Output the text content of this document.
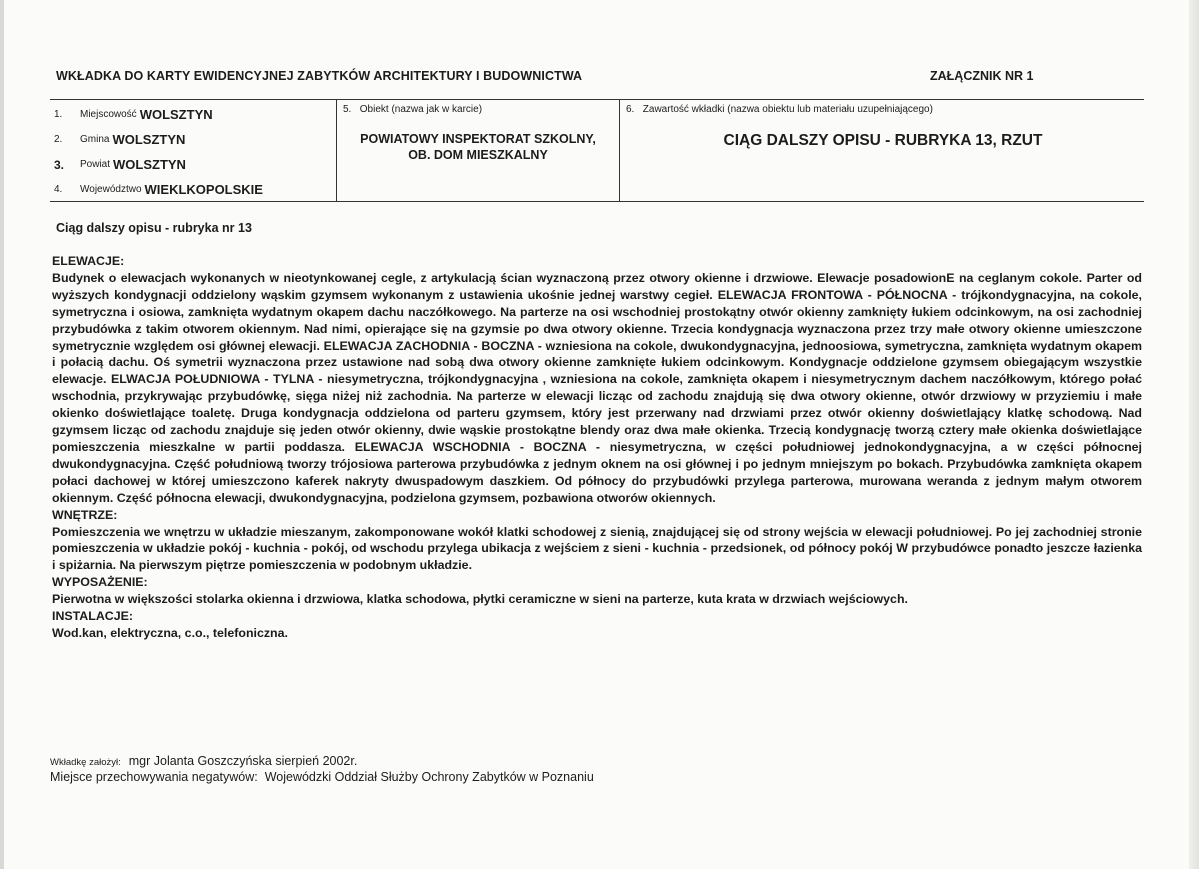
WKŁADKA DO KARTY EWIDENCYJNEJ ZABYTKÓW ARCHITEKTURY I BUDOWNICTWA	ZAŁĄCZNIK NR 1
1.	Miejscowość WOLSZTYN
2.	Gmina WOLSZTYN
3.	Powiat WOLSZTYN
4.	Województwo WIEKLKOPOLSKIE
5. Obiekt (nazwa jak w karcie)
POWIATOWY INSPEKTORAT SZKOLNY,
OB. DOM MIESZKALNY
6. Zawartość wkładki (nazwa obiektu lub materiału uzupełniającego)
CIĄG DALSZY OPISU - RUBRYKA 13, RZUT
Ciąg dalszy opisu - rubryka nr 13

ELEWACJE:

Budynek o elewacjach wykonanych w nieotynkowanej cegle, z artykulacją ścian wyznaczoną przez otwory okienne i drzwiowe. Elewacje posadowionE na ceglanym cokole. Parter od wyższych kondygnacji oddzielony wąskim gzymsem wykonanym z ustawienia ukośnie jednej warstwy cegieł. ELEWACJA FRONTOWA - PÓŁNOCNA - trójkondygnacyjna, na cokole, symetryczna i osiowa, zamknięta wydatnym okapem dachu naczółkowego. Na parterze na osi wschodniej prostokątny otwór okienny zamknięty łukiem odcinkowym, na osi zachodniej przybudówka z takim otworem okiennym. Nad nimi, opierające się na gzymsie po dwa otwory okienne. Trzecia kondygnacja wyznaczona przez trzy małe otwory okienne umieszczone symetrycznie względem osi głównej elewacji. ELEWACJA ZACHODNIA - BOCZNA - wzniesiona na cokole, dwukondygnacyjna, jednoosiowa, symetryczna, zamknięta wydatnym okapem i połacią dachu. Oś symetrii wyznaczona przez ustawione nad sobą dwa otwory okienne zamknięte łukiem odcinkowym. Kondygnacje oddzielone gzymsem obiegającym wszystkie elewacje. ELWACJA POŁUDNIOWA - TYLNA - niesymetryczna, trójkondygnacyjna , wzniesiona na cokole, zamknięta okapem i niesymetrycznym dachem naczółkowym, którego połać wschodnia, przykrywając przybudówkę, sięga niżej niż zachodnia. Na parterze w elewacji licząc od zachodu znajdują się dwa otwory okienne, otwór drzwiowy w przyziemiu i małe okienko doświetlające toaletę. Druga kondygnacja oddzielona od parteru gzymsem, który jest przerwany nad drzwiami przez otwór okienny doświetlający klatkę schodową. Nad gzymsem licząc od zachodu znajduje się jeden otwór okienny, dwie wąskie prostokątne blendy oraz dwa małe okienka. Trzecią kondygnację tworzą cztery małe okienka doświetlające pomieszczenia mieszkalne w partii poddasza. ELEWACJA WSCHODNIA - BOCZNA - niesymetryczna, w części południowej jednokondygnacyjna, a w części północnej dwukondygnacyjna. Część południową tworzy trójosiowa parterowa przybudówka z jednym oknem na osi głównej i po jednym mniejszym po bokach. Przybudówka zamknięta okapem połaci dachowej w której umieszczono kaferek nakryty dwuspadowym daszkiem. Od północy do przybudówki przylega parterowa, murowana weranda z jednym małym otworem okiennym. Część północna elewacji, dwukondygnacyjna, podzielona gzymsem, pozbawiona otworów okiennych.

WNĘTRZE:

Pomieszczenia we wnętrzu w układzie mieszanym, zakomponowane wokół klatki schodowej z sienią, znajdującej się od strony wejścia w elewacji południowej. Po jej zachodniej stronie pomieszczenia w układzie pokój - kuchnia - pokój, od wschodu przylega ubikacja z wejściem z sieni - kuchnia - przedsionek, od północy pokój W przybudówce ponadto jeszcze łazienka i spiżarnia. Na pierwszym piętrze pomieszczenia w podobnym układzie.

WYPOSAŻENIE:

Pierwotna w większości stolarka okienna i drzwiowa, klatka schodowa, płytki ceramiczne w sieni na parterze, kuta krata w drzwiach wejściowych.

INSTALACJE:

Wod.kan, elektryczna, c.o., telefoniczna.

Wkładkę założył: mgr Jolanta Goszczyńska sierpień 2002r.
Miejsce przechowywania negatywów: Wojewódzki Oddział Służby Ochrony Zabytków w Poznaniu
